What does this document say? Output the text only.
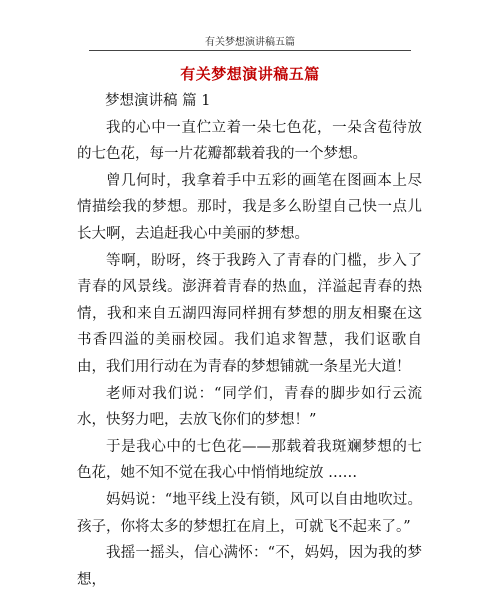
有关梦想演讲稿五篇
有关梦想演讲稿五篇

梦想演讲稿 篇 1

我的心中一直伫立着一朵七色花，一朵含苞待放的七色花，每一片花瓣都载着我的一个梦想。

曾几何时，我拿着手中五彩的画笔在图画本上尽情描绘我的梦想。那时，我是多么盼望自己快一点儿长大啊，去追赶我心中美丽的梦想。

等啊，盼呀，终于我跨入了青春的门槛，步入了青春的风景线。澎湃着青春的热血，洋溢起青春的热情，我和来自五湖四海同样拥有梦想的朋友相聚在这书香四溢的美丽校园。我们追求智慧，我们讴歌自由，我们用行动在为青春的梦想铺就一条星光大道！

老师对我们说：“同学们，青春的脚步如行云流水，快努力吧，去放飞你们的梦想！”

于是我心中的七色花——那载着我斑斓梦想的七色花，她不知不觉在我心中悄悄地绽放 ……

妈妈说：“地平线上没有锁，风可以自由地吹过。孩子，你将太多的梦想扛在肩上，可就飞不起来了。”

我摇一摇头，信心满怀：“不，妈妈，因为我的梦想，
